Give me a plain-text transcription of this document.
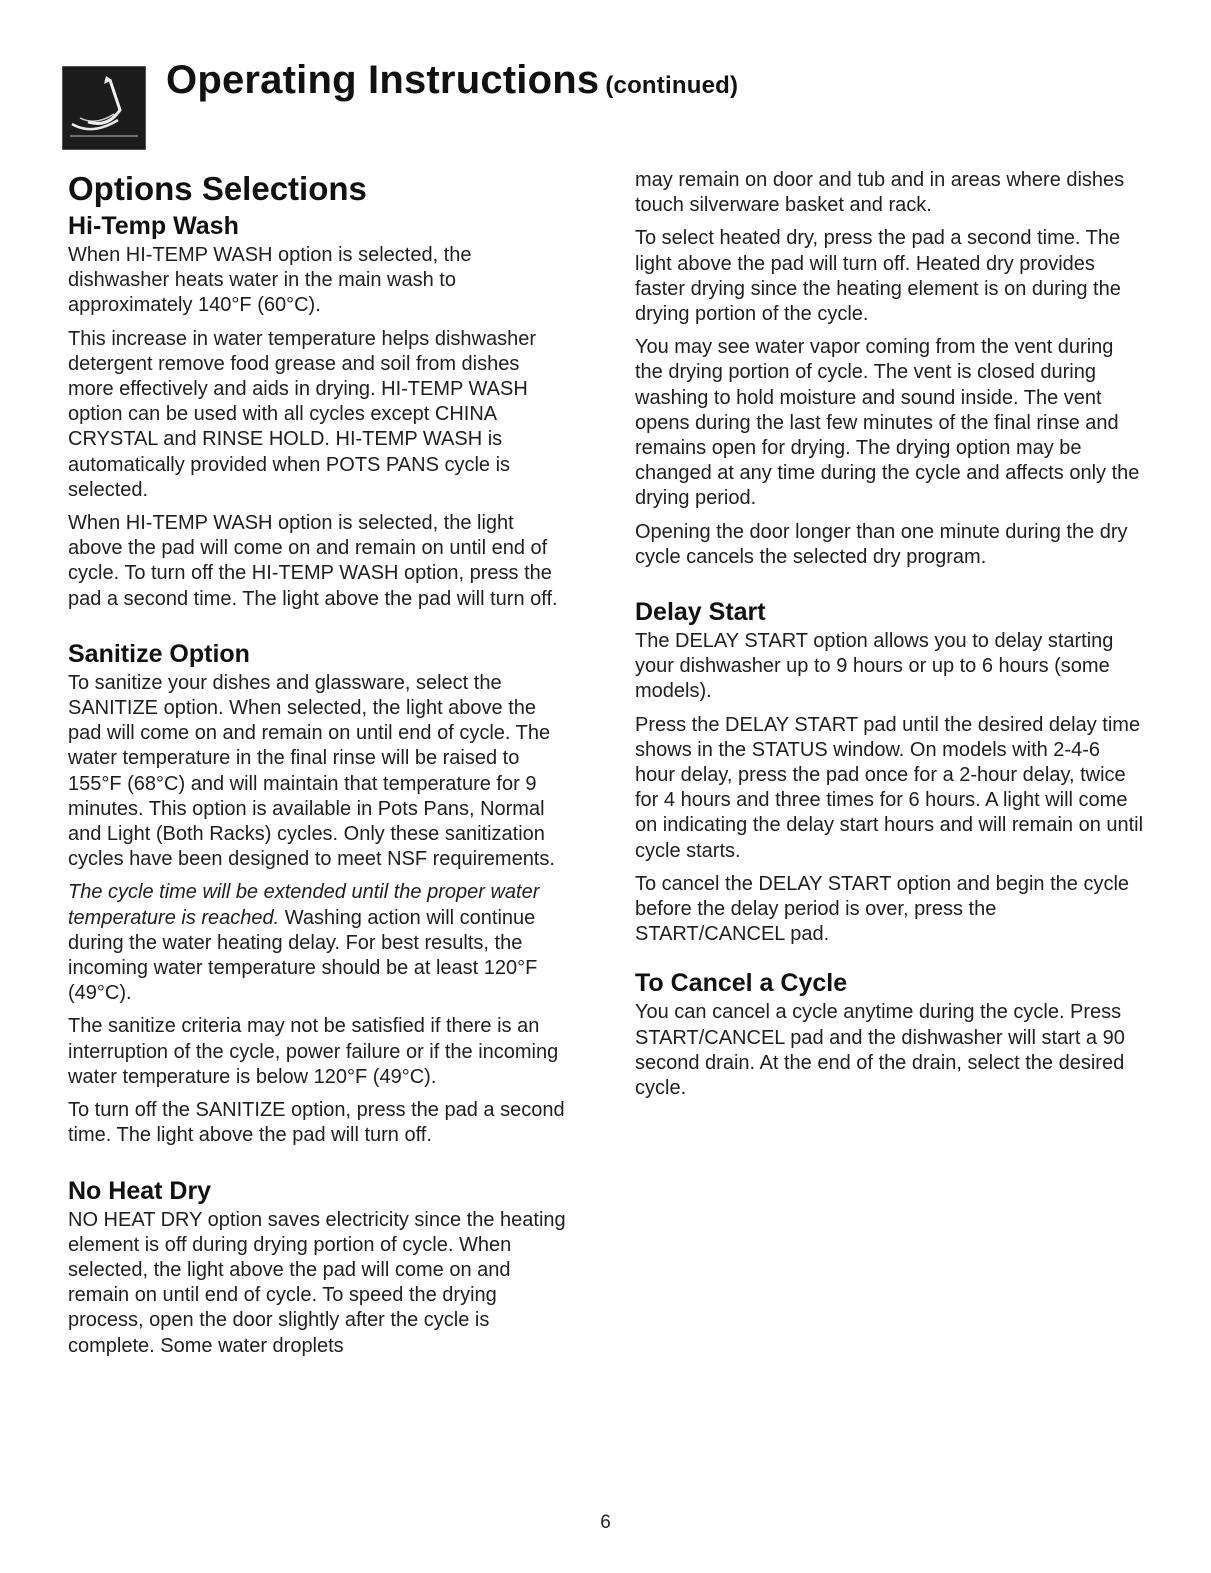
Operating Instructions (continued)
Options Selections
Hi-Temp Wash

When HI-TEMP WASH option is selected, the dishwasher heats water in the main wash to approximately 140°F (60°C).

This increase in water temperature helps dishwasher detergent remove food grease and soil from dishes more effectively and aids in drying. HI-TEMP WASH option can be used with all cycles except CHINA CRYSTAL and RINSE HOLD. HI-TEMP WASH is automatically provided when POTS PANS cycle is selected.

When HI-TEMP WASH option is selected, the light above the pad will come on and remain on until end of cycle. To turn off the HI-TEMP WASH option, press the pad a second time. The light above the pad will turn off.

Sanitize Option

To sanitize your dishes and glassware, select the SANITIZE option. When selected, the light above the pad will come on and remain on until end of cycle. The water temperature in the final rinse will be raised to 155°F (68°C) and will maintain that temperature for 9 minutes. This option is available in Pots Pans, Normal and Light (Both Racks) cycles. Only these sanitization cycles have been designed to meet NSF requirements.

The cycle time will be extended until the proper water temperature is reached. Washing action will continue during the water heating delay. For best results, the incoming water temperature should be at least 120°F (49°C).

The sanitize criteria may not be satisfied if there is an interruption of the cycle, power failure or if the incoming water temperature is below 120°F (49°C).

To turn off the SANITIZE option, press the pad a second time. The light above the pad will turn off.

No Heat Dry

NO HEAT DRY option saves electricity since the heating element is off during drying portion of cycle. When selected, the light above the pad will come on and remain on until end of cycle. To speed the drying process, open the door slightly after the cycle is complete. Some water droplets

may remain on door and tub and in areas where dishes touch silverware basket and rack.

To select heated dry, press the pad a second time. The light above the pad will turn off. Heated dry provides faster drying since the heating element is on during the drying portion of the cycle.

You may see water vapor coming from the vent during the drying portion of cycle. The vent is closed during washing to hold moisture and sound inside. The vent opens during the last few minutes of the final rinse and remains open for drying. The drying option may be changed at any time during the cycle and affects only the drying period.

Opening the door longer than one minute during the dry cycle cancels the selected dry program.

Delay Start

The DELAY START option allows you to delay starting your dishwasher up to 9 hours or up to 6 hours (some models).

Press the DELAY START pad until the desired delay time shows in the STATUS window. On models with 2-4-6 hour delay, press the pad once for a 2-hour delay, twice for 4 hours and three times for 6 hours. A light will come on indicating the delay start hours and will remain on until cycle starts.

To cancel the DELAY START option and begin the cycle before the delay period is over, press the START/CANCEL pad.

To Cancel a Cycle

You can cancel a cycle anytime during the cycle. Press START/CANCEL pad and the dishwasher will start a 90 second drain. At the end of the drain, select the desired cycle.

6
